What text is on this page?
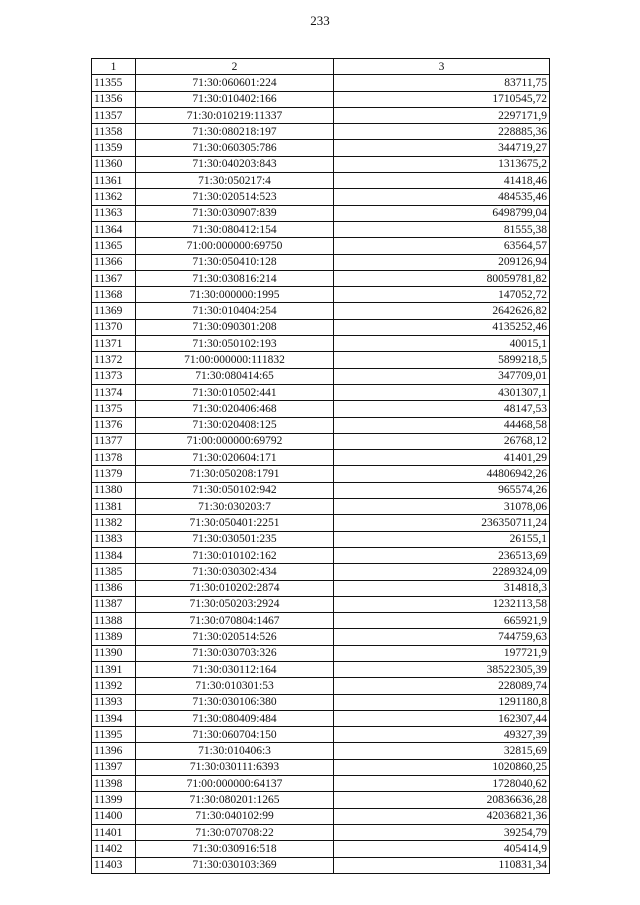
233
1	2	3
11355	71:30:060601:224	83711,75
11356	71:30:010402:166	1710545,72
11357	71:30:010219:11337	2297171,9
11358	71:30:080218:197	228885,36
11359	71:30:060305:786	344719,27
11360	71:30:040203:843	1313675,2
11361	71:30:050217:4	41418,46
11362	71:30:020514:523	484535,46
11363	71:30:030907:839	6498799,04
11364	71:30:080412:154	81555,38
11365	71:00:000000:69750	63564,57
11366	71:30:050410:128	209126,94
11367	71:30:030816:214	80059781,82
11368	71:30:000000:1995	147052,72
11369	71:30:010404:254	2642626,82
11370	71:30:090301:208	4135252,46
11371	71:30:050102:193	40015,1
11372	71:00:000000:111832	5899218,5
11373	71:30:080414:65	347709,01
11374	71:30:010502:441	4301307,1
11375	71:30:020406:468	48147,53
11376	71:30:020408:125	44468,58
11377	71:00:000000:69792	26768,12
11378	71:30:020604:171	41401,29
11379	71:30:050208:1791	44806942,26
11380	71:30:050102:942	965574,26
11381	71:30:030203:7	31078,06
11382	71:30:050401:2251	236350711,24
11383	71:30:030501:235	26155,1
11384	71:30:010102:162	236513,69
11385	71:30:030302:434	2289324,09
11386	71:30:010202:2874	314818,3
11387	71:30:050203:2924	1232113,58
11388	71:30:070804:1467	665921,9
11389	71:30:020514:526	744759,63
11390	71:30:030703:326	197721,9
11391	71:30:030112:164	38522305,39
11392	71:30:010301:53	228089,74
11393	71:30:030106:380	1291180,8
11394	71:30:080409:484	162307,44
11395	71:30:060704:150	49327,39
11396	71:30:010406:3	32815,69
11397	71:30:030111:6393	1020860,25
11398	71:00:000000:64137	1728040,62
11399	71:30:080201:1265	20836636,28
11400	71:30:040102:99	42036821,36
11401	71:30:070708:22	39254,79
11402	71:30:030916:518	405414,9
11403	71:30:030103:369	110831,34
